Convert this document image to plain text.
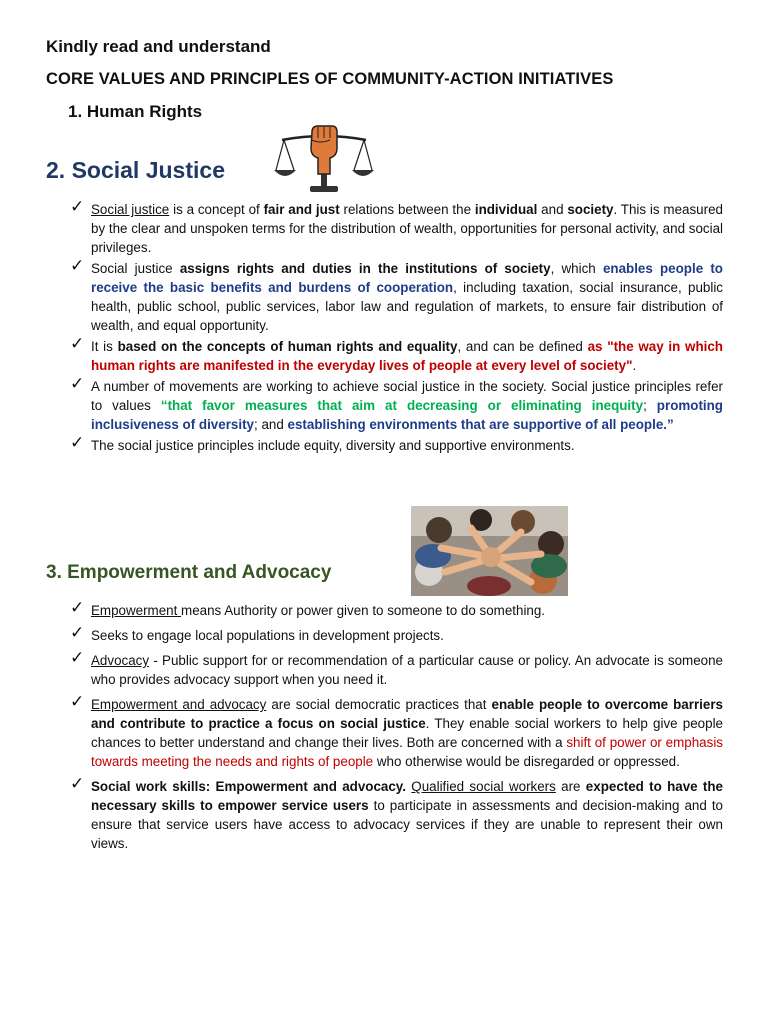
Kindly read and understand
CORE VALUES AND PRINCIPLES OF COMMUNITY-ACTION INITIATIVES
1. Human Rights
2. Social Justice
✓ Social justice is a concept of fair and just relations between the individual and society. This is measured by the clear and unspoken terms for the distribution of wealth, opportunities for personal activity, and social privileges.
✓ Social justice assigns rights and duties in the institutions of society, which enables people to receive the basic benefits and burdens of cooperation, including taxation, social insurance, public health, public school, public services, labor law and regulation of markets, to ensure fair distribution of wealth, and equal opportunity.
✓ It is based on the concepts of human rights and equality, and can be defined as "the way in which human rights are manifested in the everyday lives of people at every level of society".
✓ A number of movements are working to achieve social justice in the society. Social justice principles refer to values “that favor measures that aim at decreasing or eliminating inequity; promoting inclusiveness of diversity; and establishing environments that are supportive of all people.”
✓ The social justice principles include equity, diversity and supportive environments.
3. Empowerment and Advocacy
✓ Empowerment means Authority or power given to someone to do something.
✓ Seeks to engage local populations in development projects.
✓ Advocacy - Public support for or recommendation of a particular cause or policy. An advocate is someone who provides advocacy support when you need it.
✓ Empowerment and advocacy are social democratic practices that enable people to overcome barriers and contribute to practice a focus on social justice. They enable social workers to help give people chances to better understand and change their lives. Both are concerned with a shift of power or emphasis towards meeting the needs and rights of people who otherwise would be disregarded or oppressed.
✓ Social work skills: Empowerment and advocacy. Qualified social workers are expected to have the necessary skills to empower service users to participate in assessments and decision-making and to ensure that service users have access to advocacy services if they are unable to represent their own views.
